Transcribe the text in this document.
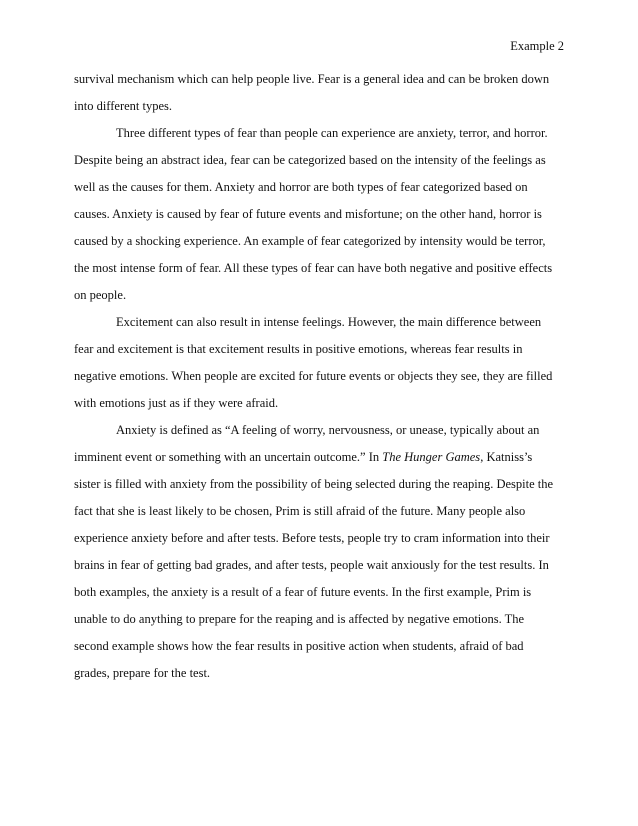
Example 2
survival mechanism which can help people live. Fear is a general idea and can be broken down
into different types.
Three different types of fear than people can experience are anxiety, terror, and horror.
Despite being an abstract idea, fear can be categorized based on the intensity of the feelings as
well as the causes for them. Anxiety and horror are both types of fear categorized based on
causes. Anxiety is caused by fear of future events and misfortune; on the other hand, horror is
caused by a shocking experience. An example of fear categorized by intensity would be terror,
the most intense form of fear. All these types of fear can have both negative and positive effects
on people.
Excitement can also result in intense feelings. However, the main difference between
fear and excitement is that excitement results in positive emotions, whereas fear results in
negative emotions. When people are excited for future events or objects they see, they are filled
with emotions just as if they were afraid.
Anxiety is defined as “A feeling of worry, nervousness, or unease, typically about an
imminent event or something with an uncertain outcome.” In The Hunger Games, Katniss’s
sister is filled with anxiety from the possibility of being selected during the reaping. Despite the
fact that she is least likely to be chosen, Prim is still afraid of the future. Many people also
experience anxiety before and after tests. Before tests, people try to cram information into their
brains in fear of getting bad grades, and after tests, people wait anxiously for the test results. In
both examples, the anxiety is a result of a fear of future events. In the first example, Prim is
unable to do anything to prepare for the reaping and is affected by negative emotions. The
second example shows how the fear results in positive action when students, afraid of bad
grades, prepare for the test.
